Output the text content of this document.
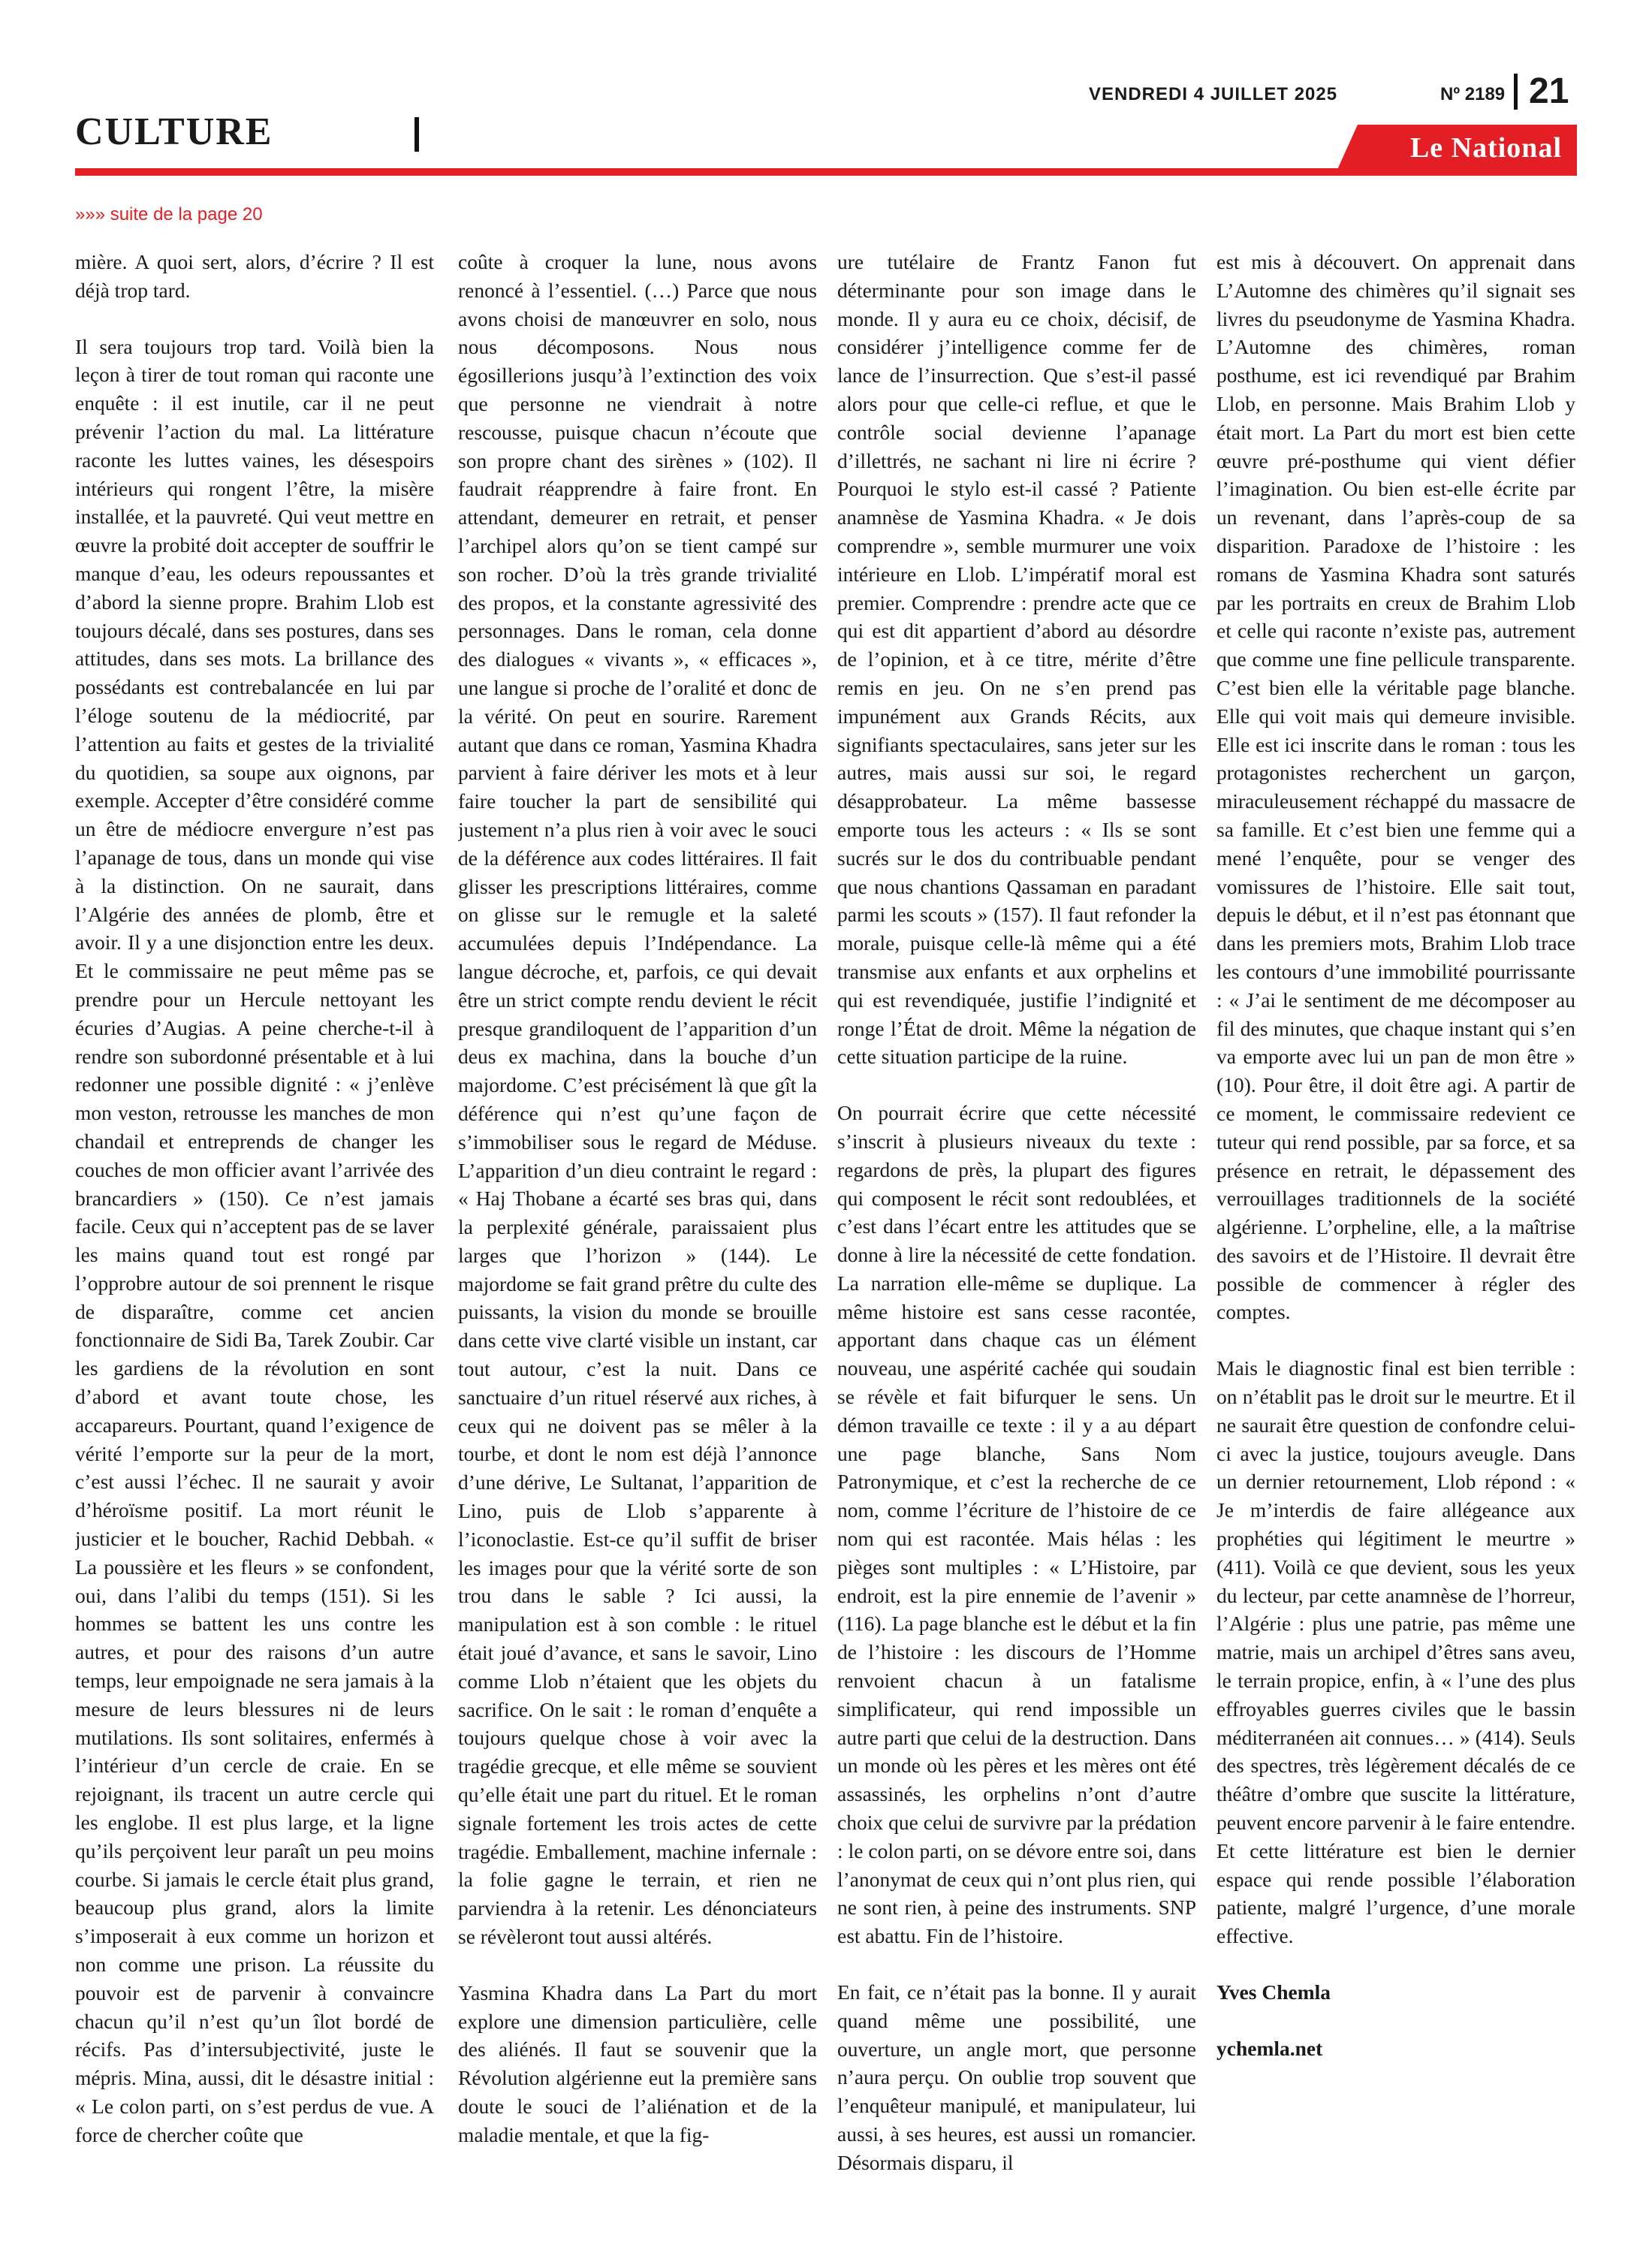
VENDREDI 4 JUILLET 2025	Nº 2189 21
CULTURE	Le National
»»» suite de la page 20

mière. A quoi sert, alors, d’écrire ? Il est déjà trop tard.

Il sera toujours trop tard. Voilà bien la leçon à tirer de tout roman qui raconte une enquête : il est inutile, car il ne peut prévenir l’action du mal. La littérature raconte les luttes vaines, les désespoirs intérieurs qui rongent l’être, la misère installée, et la pauvreté. Qui veut mettre en œuvre la probité doit accepter de souffrir le manque d’eau, les odeurs repoussantes et d’abord la sienne propre. Brahim Llob est toujours décalé, dans ses postures, dans ses attitudes, dans ses mots. La brillance des possédants est contrebalancée en lui par l’éloge soutenu de la médiocrité, par l’attention au faits et gestes de la trivialité du quotidien, sa soupe aux oignons, par exemple. Accepter d’être considéré comme un être de médiocre envergure n’est pas l’apanage de tous, dans un monde qui vise à la distinction. On ne saurait, dans l’Algérie des années de plomb, être et avoir. Il y a une disjonction entre les deux. Et le commissaire ne peut même pas se prendre pour un Hercule nettoyant les écuries d’Augias. A peine cherche-t-il à rendre son subordonné présentable et à lui redonner une possible dignité : « j’enlève mon veston, retrousse les manches de mon chandail et entreprends de changer les couches de mon officier avant l’arrivée des brancardiers » (150). Ce n’est jamais facile. Ceux qui n’acceptent pas de se laver les mains quand tout est rongé par l’opprobre autour de soi prennent le risque de disparaître, comme cet ancien fonctionnaire de Sidi Ba, Tarek Zoubir. Car les gardiens de la révolution en sont d’abord et avant toute chose, les accapareurs. Pourtant, quand l’exigence de vérité l’emporte sur la peur de la mort, c’est aussi l’échec. Il ne saurait y avoir d’héroïsme positif. La mort réunit le justicier et le boucher, Rachid Debbah. « La poussière et les fleurs » se confondent, oui, dans l’alibi du temps (151). Si les hommes se battent les uns contre les autres, et pour des raisons d’un autre temps, leur empoignade ne sera jamais à la mesure de leurs blessures ni de leurs mutilations. Ils sont solitaires, enfermés à l’intérieur d’un cercle de craie. En se rejoignant, ils tracent un autre cercle qui les englobe. Il est plus large, et la ligne qu’ils perçoivent leur paraît un peu moins courbe. Si jamais le cercle était plus grand, beaucoup plus grand, alors la limite s’imposerait à eux comme un horizon et non comme une prison. La réussite du pouvoir est de parvenir à convaincre chacun qu’il n’est qu’un îlot bordé de récifs. Pas d’intersubjectivité, juste le mépris. Mina, aussi, dit le désastre initial : « Le colon parti, on s’est perdus de vue. A force de chercher coûte que

coûte à croquer la lune, nous avons renoncé à l’essentiel. (…) Parce que nous avons choisi de manœuvrer en solo, nous nous décomposons. Nous nous égosillerions jusqu’à l’extinction des voix que personne ne viendrait à notre rescousse, puisque chacun n’écoute que son propre chant des sirènes » (102). Il faudrait réapprendre à faire front. En attendant, demeurer en retrait, et penser l’archipel alors qu’on se tient campé sur son rocher. D’où la très grande trivialité des propos, et la constante agressivité des personnages. Dans le roman, cela donne des dialogues « vivants », « efficaces », une langue si proche de l’oralité et donc de la vérité. On peut en sourire. Rarement autant que dans ce roman, Yasmina Khadra parvient à faire dériver les mots et à leur faire toucher la part de sensibilité qui justement n’a plus rien à voir avec le souci de la déférence aux codes littéraires. Il fait glisser les prescriptions littéraires, comme on glisse sur le remugle et la saleté accumulées depuis l’Indépendance. La langue décroche, et, parfois, ce qui devait être un strict compte rendu devient le récit presque grandiloquent de l’apparition d’un deus ex machina, dans la bouche d’un majordome. C’est précisément là que gît la déférence qui n’est qu’une façon de s’immobiliser sous le regard de Méduse. L’apparition d’un dieu contraint le regard : « Haj Thobane a écarté ses bras qui, dans la perplexité générale, paraissaient plus larges que l’horizon » (144). Le majordome se fait grand prêtre du culte des puissants, la vision du monde se brouille dans cette vive clarté visible un instant, car tout autour, c’est la nuit. Dans ce sanctuaire d’un rituel réservé aux riches, à ceux qui ne doivent pas se mêler à la tourbe, et dont le nom est déjà l’annonce d’une dérive, Le Sultanat, l’apparition de Lino, puis de Llob s’apparente à l’iconoclastie. Est-ce qu’il suffit de briser les images pour que la vérité sorte de son trou dans le sable ? Ici aussi, la manipulation est à son comble : le rituel était joué d’avance, et sans le savoir, Lino comme Llob n’étaient que les objets du sacrifice. On le sait : le roman d’enquête a toujours quelque chose à voir avec la tragédie grecque, et elle même se souvient qu’elle était une part du rituel. Et le roman signale fortement les trois actes de cette tragédie. Emballement, machine infernale : la folie gagne le terrain, et rien ne parviendra à la retenir. Les dénonciateurs se révèleront tout aussi altérés.

Yasmina Khadra dans La Part du mort explore une dimension particulière, celle des aliénés. Il faut se souvenir que la Révolution algérienne eut la première sans doute le souci de l’aliénation et de la maladie mentale, et que la fig-

ure tutélaire de Frantz Fanon fut déterminante pour son image dans le monde. Il y aura eu ce choix, décisif, de considérer j’intelligence comme fer de lance de l’insurrection. Que s’est-il passé alors pour que celle-ci reflue, et que le contrôle social devienne l’apanage d’illettrés, ne sachant ni lire ni écrire ? Pourquoi le stylo est-il cassé ? Patiente anamnèse de Yasmina Khadra. « Je dois comprendre », semble murmurer une voix intérieure en Llob. L’impératif moral est premier. Comprendre : prendre acte que ce qui est dit appartient d’abord au désordre de l’opinion, et à ce titre, mérite d’être remis en jeu. On ne s’en prend pas impunément aux Grands Récits, aux signifiants spectaculaires, sans jeter sur les autres, mais aussi sur soi, le regard désapprobateur. La même bassesse emporte tous les acteurs : « Ils se sont sucrés sur le dos du contribuable pendant que nous chantions Qassaman en paradant parmi les scouts » (157). Il faut refonder la morale, puisque celle-là même qui a été transmise aux enfants et aux orphelins et qui est revendiquée, justifie l’indignité et ronge l’État de droit. Même la négation de cette situation participe de la ruine.

On pourrait écrire que cette nécessité s’inscrit à plusieurs niveaux du texte : regardons de près, la plupart des figures qui composent le récit sont redoublées, et c’est dans l’écart entre les attitudes que se donne à lire la nécessité de cette fondation. La narration elle-même se duplique. La même histoire est sans cesse racontée, apportant dans chaque cas un élément nouveau, une aspérité cachée qui soudain se révèle et fait bifurquer le sens. Un démon travaille ce texte : il y a au départ une page blanche, Sans Nom Patronymique, et c’est la recherche de ce nom, comme l’écriture de l’histoire de ce nom qui est racontée. Mais hélas : les pièges sont multiples : « L’Histoire, par endroit, est la pire ennemie de l’avenir » (116). La page blanche est le début et la fin de l’histoire : les discours de l’Homme renvoient chacun à un fatalisme simplificateur, qui rend impossible un autre parti que celui de la destruction. Dans un monde où les pères et les mères ont été assassinés, les orphelins n’ont d’autre choix que celui de survivre par la prédation : le colon parti, on se dévore entre soi, dans l’anonymat de ceux qui n’ont plus rien, qui ne sont rien, à peine des instruments. SNP est abattu. Fin de l’histoire.

En fait, ce n’était pas la bonne. Il y aurait quand même une possibilité, une ouverture, un angle mort, que personne n’aura perçu. On oublie trop souvent que l’enquêteur manipulé, et manipulateur, lui aussi, à ses heures, est aussi un romancier. Désormais disparu, il

est mis à découvert. On apprenait dans L’Automne des chimères qu’il signait ses livres du pseudonyme de Yasmina Khadra. L’Automne des chimères, roman posthume, est ici revendiqué par Brahim Llob, en personne. Mais Brahim Llob y était mort. La Part du mort est bien cette œuvre pré-posthume qui vient défier l’imagination. Ou bien est-elle écrite par un revenant, dans l’après-coup de sa disparition. Paradoxe de l’histoire : les romans de Yasmina Khadra sont saturés par les portraits en creux de Brahim Llob et celle qui raconte n’existe pas, autrement que comme une fine pellicule transparente. C’est bien elle la véritable page blanche. Elle qui voit mais qui demeure invisible. Elle est ici inscrite dans le roman : tous les protagonistes recherchent un garçon, miraculeusement réchappé du massacre de sa famille. Et c’est bien une femme qui a mené l’enquête, pour se venger des vomissures de l’histoire. Elle sait tout, depuis le début, et il n’est pas étonnant que dans les premiers mots, Brahim Llob trace les contours d’une immobilité pourrissante : « J’ai le sentiment de me décomposer au fil des minutes, que chaque instant qui s’en va emporte avec lui un pan de mon être » (10). Pour être, il doit être agi. A partir de ce moment, le commissaire redevient ce tuteur qui rend possible, par sa force, et sa présence en retrait, le dépassement des verrouillages traditionnels de la société algérienne. L’orpheline, elle, a la maîtrise des savoirs et de l’Histoire. Il devrait être possible de commencer à régler des comptes.

Mais le diagnostic final est bien terrible : on n’établit pas le droit sur le meurtre. Et il ne saurait être question de confondre celui-ci avec la justice, toujours aveugle. Dans un dernier retournement, Llob répond : « Je m’interdis de faire allégeance aux prophéties qui légitiment le meurtre » (411). Voilà ce que devient, sous les yeux du lecteur, par cette anamnèse de l’horreur, l’Algérie : plus une patrie, pas même une matrie, mais un archipel d’êtres sans aveu, le terrain propice, enfin, à « l’une des plus effroyables guerres civiles que le bassin méditerranéen ait connues… » (414). Seuls des spectres, très légèrement décalés de ce théâtre d’ombre que suscite la littérature, peuvent encore parvenir à le faire entendre. Et cette littérature est bien le dernier espace qui rende possible l’élaboration patiente, malgré l’urgence, d’une morale effective.

Yves Chemla

ychemla.net
